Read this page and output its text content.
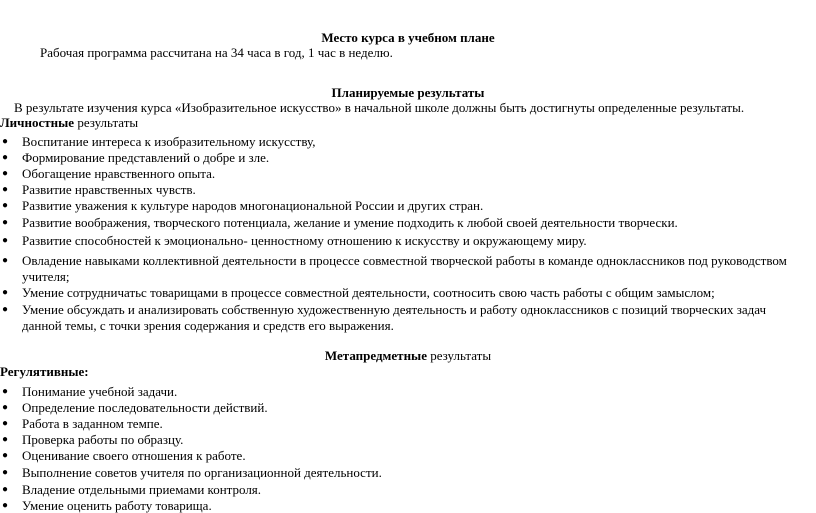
Место курса в учебном плане
Рабочая программа рассчитана на 34 часа в год, 1 час в неделю.
Планируемые результаты
В результате изучения курса «Изобразительное искусство» в начальной школе должны быть достигнуты определенные результаты.
Личностные результаты
● Воспитание интереса к изобразительному искусству,
● Формирование представлений о добре и зле.
● Обогащение нравственного опыта.
● Развитие нравственных чувств.
● Развитие уважения к культуре народов многонациональной России и других стран.
● Развитие воображения, творческого потенциала, желание и умение подходить к любой своей деятельности творчески.
● Развитие способностей к эмоционально- ценностному отношению к искусству и окружающему миру.
● Овладение навыками коллективной деятельности в процессе совместной творческой работы в команде одноклассников под руководством
учителя;
● Умение сотрудничатьс товарищами в процессе совместной деятельности, соотносить свою часть работы с общим замыслом;
● Умение обсуждать и анализировать собственную художественную деятельность и работу одноклассников с позиций творческих задач
данной темы, с точки зрения содержания и средств его выражения.
Метапредметные результаты
Регулятивные:
● Понимание учебной задачи.
● Определение последовательности действий.
● Работа в заданном темпе.
● Проверка работы по образцу.
● Оценивание своего отношения к работе.
● Выполнение советов учителя по организационной деятельности.
● Владение отдельными приемами контроля.
● Умение оценить работу товарища.
